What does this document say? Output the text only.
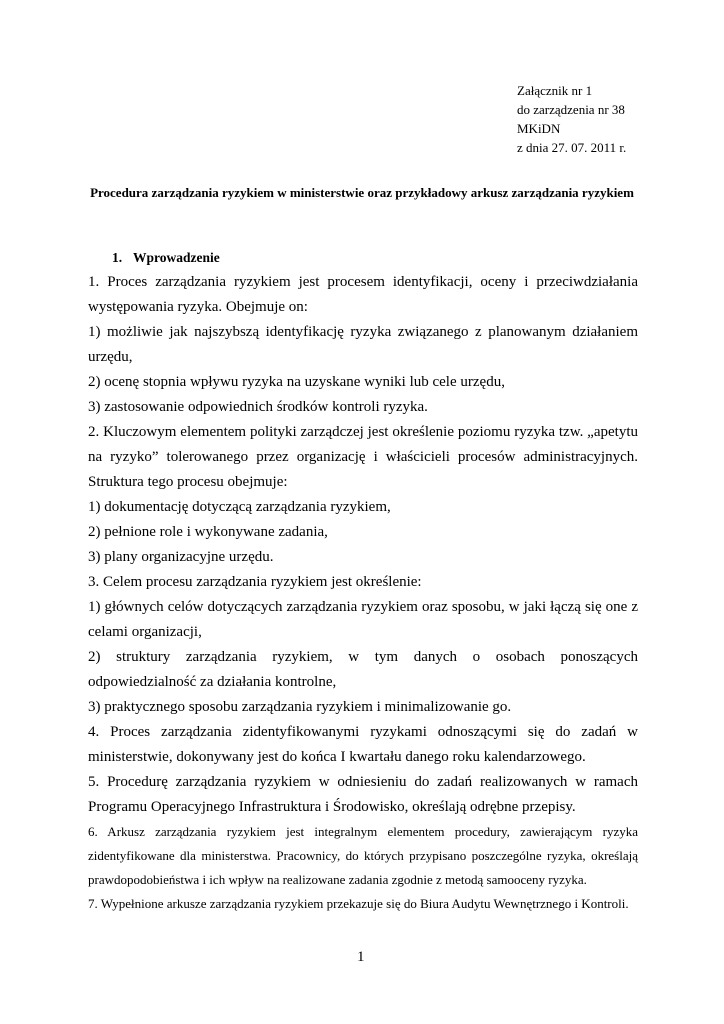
Załącznik nr 1
do zarządzenia nr 38
MKiDN
z dnia 27. 07. 2011 r.
Procedura zarządzania ryzykiem w ministerstwie oraz przykładowy arkusz zarządzania ryzykiem
1. Wprowadzenie

1. Proces zarządzania ryzykiem jest procesem identyfikacji, oceny i przeciwdziałania występowania ryzyka. Obejmuje on:

1) możliwie jak najszybszą identyfikację ryzyka związanego z planowanym działaniem urzędu,

2) ocenę stopnia wpływu ryzyka na uzyskane wyniki lub cele urzędu,

3) zastosowanie odpowiednich środków kontroli ryzyka.

2. Kluczowym elementem polityki zarządczej jest określenie poziomu ryzyka tzw. „apetytu na ryzyko” tolerowanego przez organizację i właścicieli procesów administracyjnych. Struktura tego procesu obejmuje:

1) dokumentację dotyczącą zarządzania ryzykiem,

2) pełnione role i wykonywane zadania,

3) plany organizacyjne urzędu.

3. Celem procesu zarządzania ryzykiem jest określenie:

1) głównych celów dotyczących zarządzania ryzykiem oraz sposobu, w jaki łączą się one z celami organizacji,

2) struktury zarządzania ryzykiem, w tym danych o osobach ponoszących odpowiedzialność za działania kontrolne,

3) praktycznego sposobu zarządzania ryzykiem i minimalizowanie go.

4. Proces zarządzania zidentyfikowanymi ryzykami odnoszącymi się do zadań w ministerstwie, dokonywany jest do końca I kwartału danego roku kalendarzowego.

5. Procedurę zarządzania ryzykiem w odniesieniu do zadań realizowanych w ramach Programu Operacyjnego Infrastruktura i Środowisko, określają odrębne przepisy.

6. Arkusz zarządzania ryzykiem jest integralnym elementem procedury, zawierającym ryzyka zidentyfikowane dla ministerstwa. Pracownicy, do których przypisano poszczególne ryzyka, określają prawdopodobieństwa i ich wpływ na realizowane zadania zgodnie z metodą samooceny ryzyka.

7. Wypełnione arkusze zarządzania ryzykiem przekazuje się do Biura Audytu Wewnętrznego i Kontroli.

1
